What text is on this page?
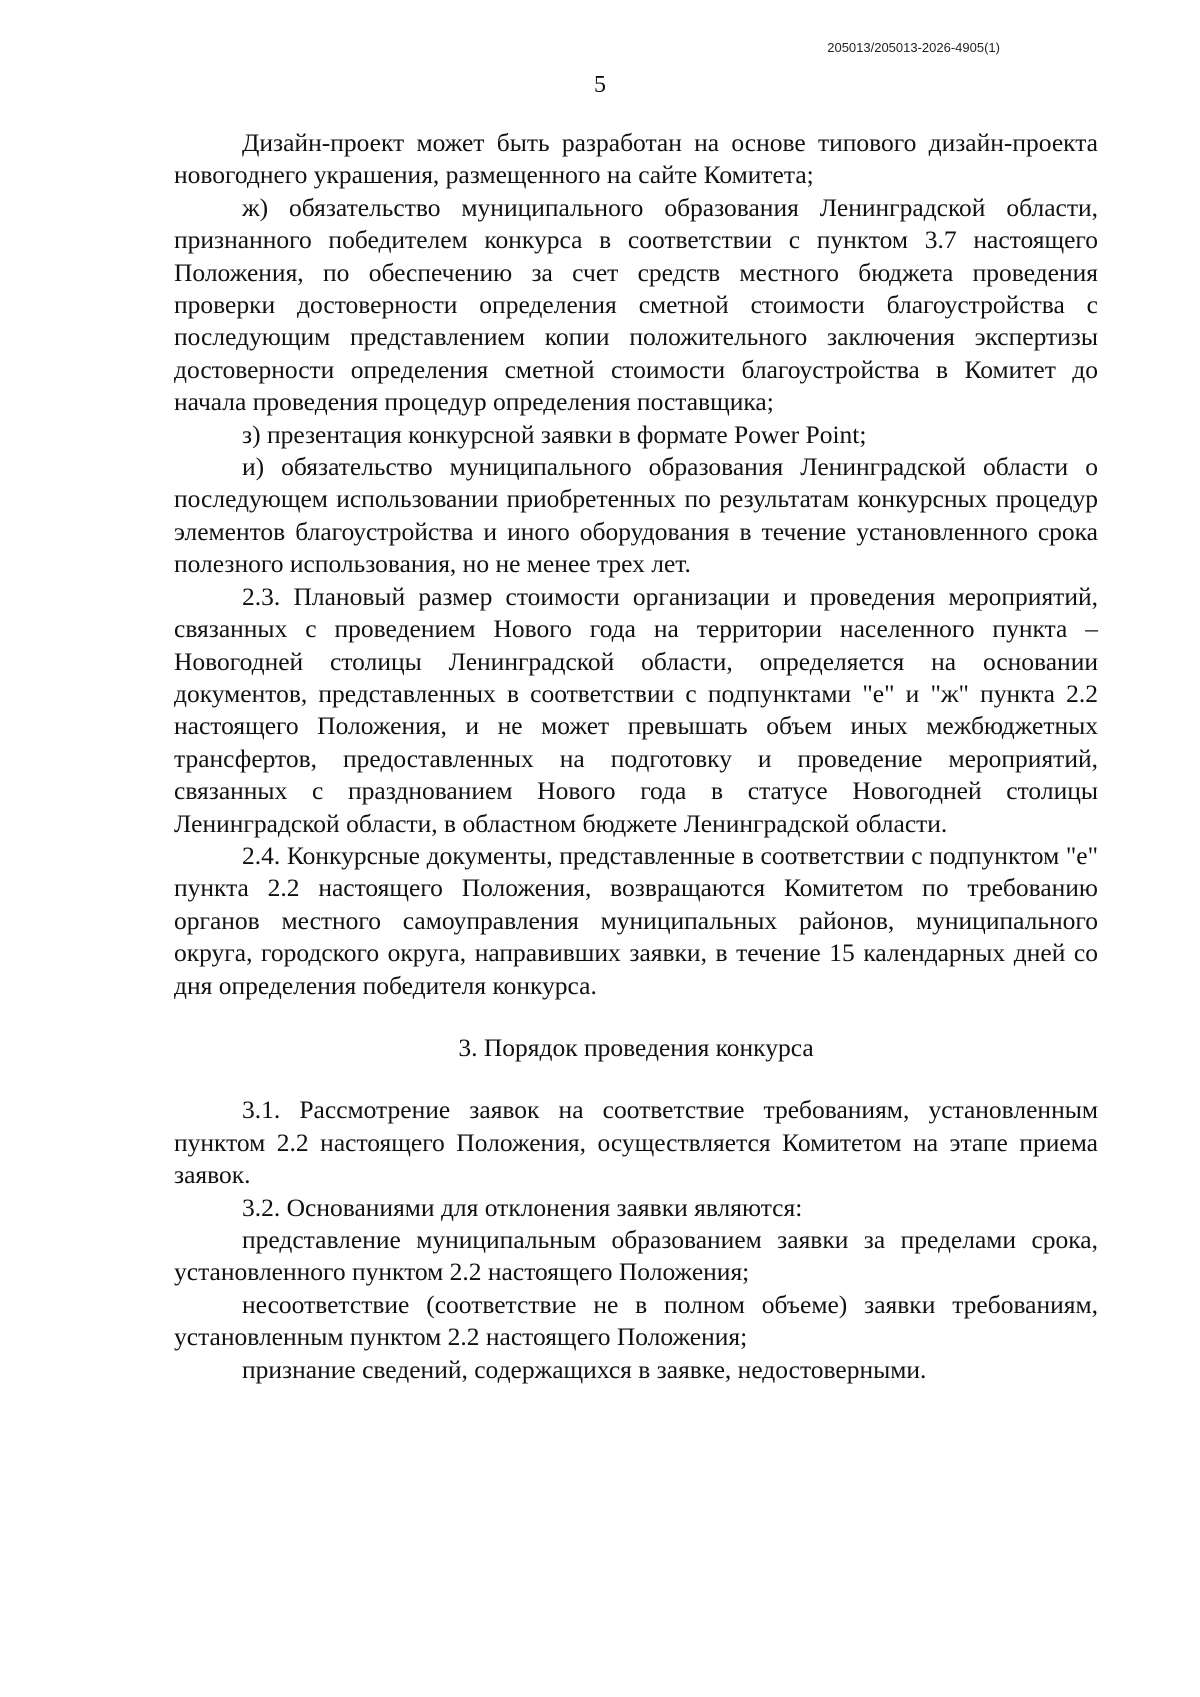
205013/205013-2026-4905(1)
5

Дизайн-проект может быть разработан на основе типового дизайн-проекта новогоднего украшения, размещенного на сайте Комитета;

ж) обязательство муниципального образования Ленинградской области, признанного победителем конкурса в соответствии с пунктом 3.7 настоящего Положения, по обеспечению за счет средств местного бюджета проведения проверки достоверности определения сметной стоимости благоустройства с последующим представлением копии положительного заключения экспертизы достоверности определения сметной стоимости благоустройства в Комитет до начала проведения процедур определения поставщика;

з) презентация конкурсной заявки в формате Power Point;

и) обязательство муниципального образования Ленинградской области о последующем использовании приобретенных по результатам конкурсных процедур элементов благоустройства и иного оборудования в течение установленного срока полезного использования, но не менее трех лет.

2.3. Плановый размер стоимости организации и проведения мероприятий, связанных с проведением Нового года на территории населенного пункта – Новогодней столицы Ленинградской области, определяется на основании документов, представленных в соответствии с подпунктами "е" и "ж" пункта 2.2 настоящего Положения, и не может превышать объем иных межбюджетных трансфертов, предоставленных на подготовку и проведение мероприятий, связанных с празднованием Нового года в статусе Новогодней столицы Ленинградской области, в областном бюджете Ленинградской области.

2.4. Конкурсные документы, представленные в соответствии с подпунктом "е" пункта 2.2 настоящего Положения, возвращаются Комитетом по требованию органов местного самоуправления муниципальных районов, муниципального округа, городского округа, направивших заявки, в течение 15 календарных дней со дня определения победителя конкурса.

3. Порядок проведения конкурса

3.1. Рассмотрение заявок на соответствие требованиям, установленным пунктом 2.2 настоящего Положения, осуществляется Комитетом на этапе приема заявок.

3.2. Основаниями для отклонения заявки являются:

представление муниципальным образованием заявки за пределами срока, установленного пунктом 2.2 настоящего Положения;

несоответствие (соответствие не в полном объеме) заявки требованиям, установленным пунктом 2.2 настоящего Положения;

признание сведений, содержащихся в заявке, недостоверными.
